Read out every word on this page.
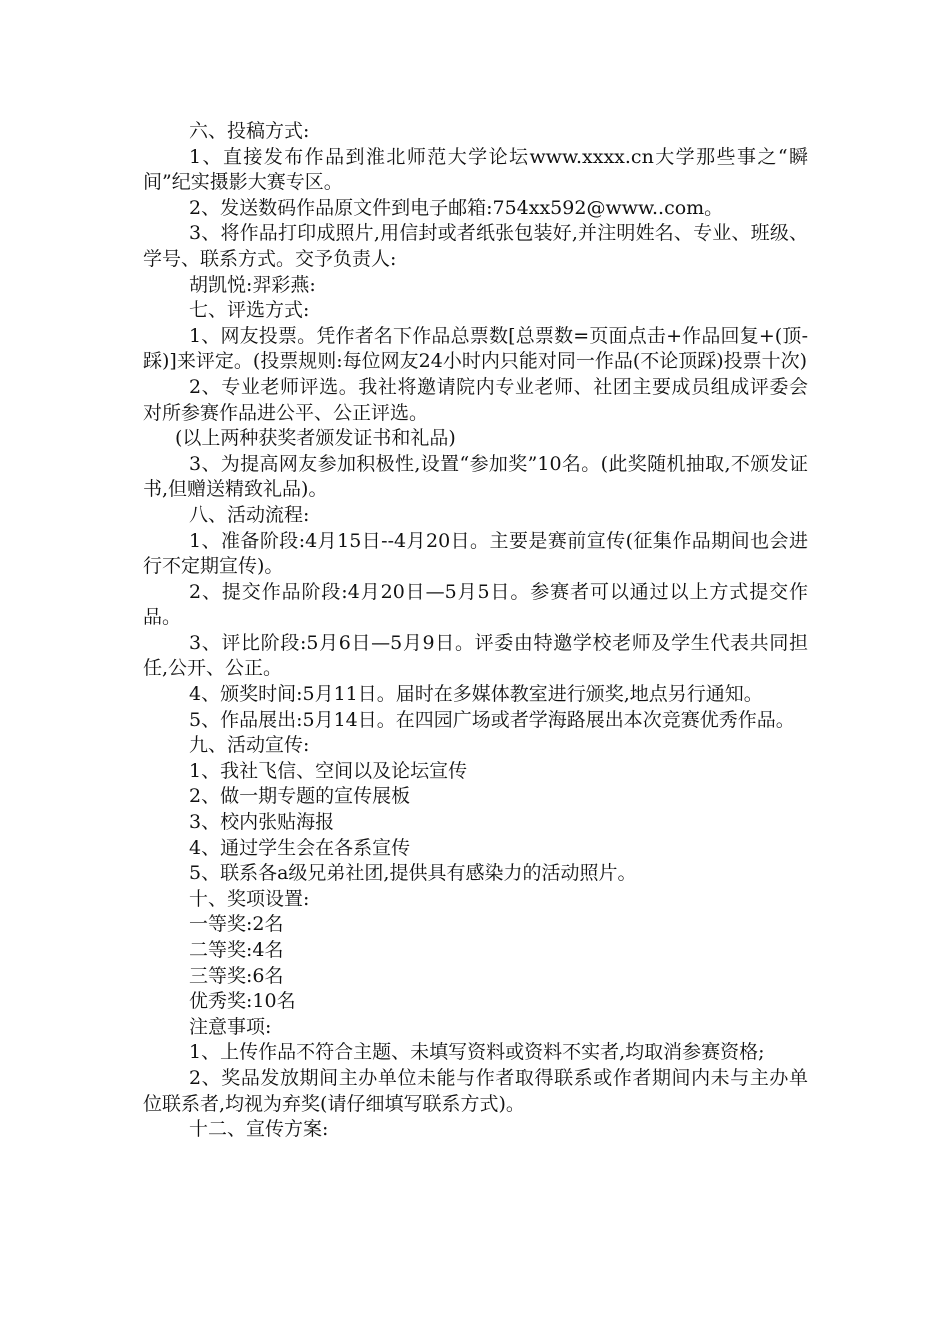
六、投稿方式:

1、直接发布作品到淮北师范大学论坛www.xxxx.cn大学那些事之“瞬间”纪实摄影大赛专区。

2、发送数码作品原文件到电子邮箱:754xx592@www..com。

3、将作品打印成照片,用信封或者纸张包装好,并注明姓名、专业、班级、学号、联系方式。交予负责人:

胡凯悦:羿彩燕:

七、评选方式:

1、网友投票。凭作者名下作品总票数[总票数=页面点击+作品回复+(顶-踩)]来评定。(投票规则:每位网友24小时内只能对同一作品(不论顶踩)投票十次)

2、专业老师评选。我社将邀请院内专业老师、社团主要成员组成评委会对所参赛作品进公平、公正评选。

(以上两种获奖者颁发证书和礼品)

3、为提高网友参加积极性,设置“参加奖”10名。(此奖随机抽取,不颁发证书,但赠送精致礼品)。

八、活动流程:

1、准备阶段:4月15日--4月20日。主要是赛前宣传(征集作品期间也会进行不定期宣传)。

2、提交作品阶段:4月20日—5月5日。参赛者可以通过以上方式提交作品。

3、评比阶段:5月6日—5月9日。评委由特邀学校老师及学生代表共同担任,公开、公正。

4、颁奖时间:5月11日。届时在多媒体教室进行颁奖,地点另行通知。

5、作品展出:5月14日。在四园广场或者学海路展出本次竞赛优秀作品。

九、活动宣传:

1、我社飞信、空间以及论坛宣传

2、做一期专题的宣传展板

3、校内张贴海报

4、通过学生会在各系宣传

5、联系各a级兄弟社团,提供具有感染力的活动照片。

十、奖项设置:

一等奖:2名

二等奖:4名

三等奖:6名

优秀奖:10名

注意事项:

1、上传作品不符合主题、未填写资料或资料不实者,均取消参赛资格;

2、奖品发放期间主办单位未能与作者取得联系或作者期间内未与主办单位联系者,均视为弃奖(请仔细填写联系方式)。

十二、宣传方案:
